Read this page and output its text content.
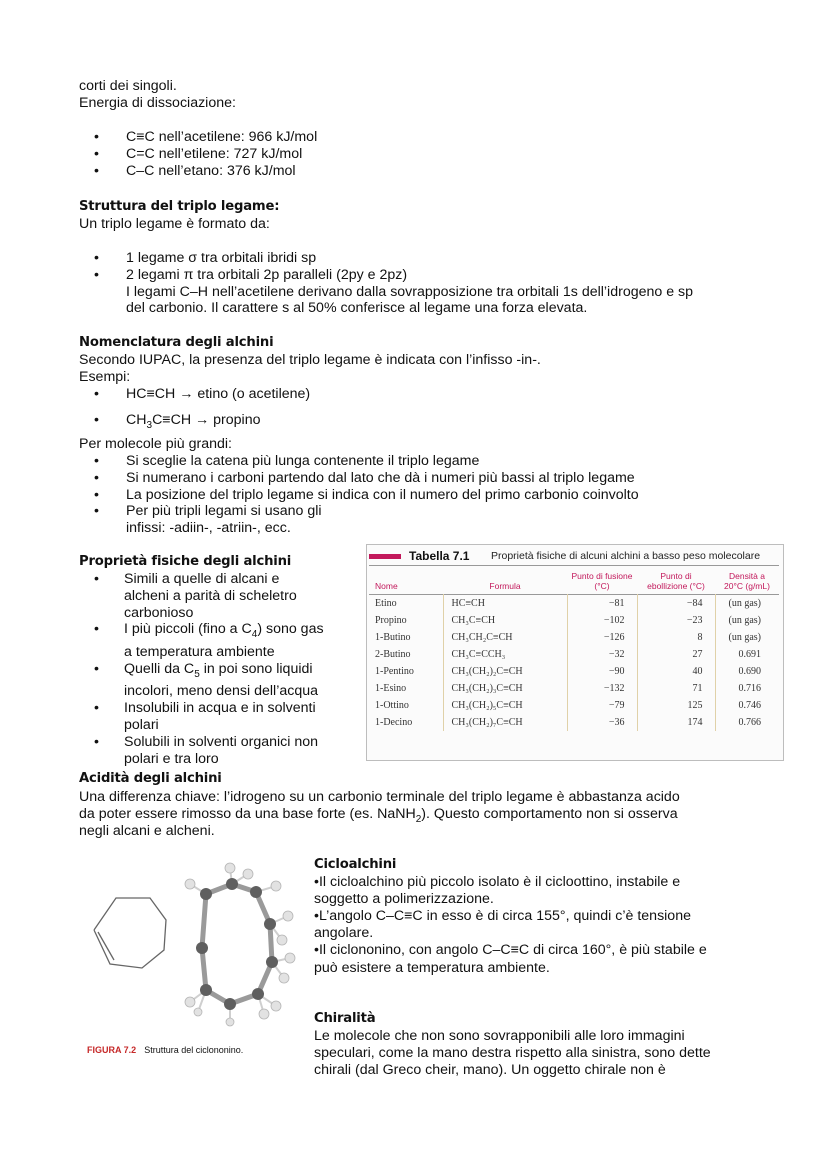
corti dei singoli.
Energia di dissociazione:
• C≡C nell’acetilene: 966 kJ/mol
• C=C nell’etilene: 727 kJ/mol
• C–C nell’etano: 376 kJ/mol
Struttura del triplo legame:
Un triplo legame è formato da:
• 1 legame σ tra orbitali ibridi sp
• 2 legami π tra orbitali 2p paralleli (2py e 2pz)
I legami C–H nell’acetilene derivano dalla sovrapposizione tra orbitali 1s dell’idrogeno e sp
del carbonio. Il carattere s al 50% conferisce al legame una forza elevata.
Nomenclatura degli alchini
Secondo IUPAC, la presenza del triplo legame è indicata con l’infisso -in-.
Esempi:
• HC≡CH → etino (o acetilene)
• $CH_3C\equiv CH$ → propino
Per molecole più grandi:
• Si sceglie la catena più lunga contenente il triplo legame
• Si numerano i carboni partendo dal lato che dà i numeri più bassi al triplo legame
• La posizione del triplo legame si indica con il numero del primo carbonio coinvolto
• Per più tripli legami si usano gli
infissi: -adiin-, -atriin-, ecc.
Proprietà fisiche degli alchini
• Simili a quelle di alcani e
alcheni a parità di scheletro
carbonioso
• I più piccoli (fino a $C_4$) sono gas
a temperatura ambiente
• Quelli da $C_5$ in poi sono liquidi
incolori, meno densi dell’acqua
• Insolubili in acqua e in solventi
polari
• Solubili in solventi organici non
polari e tra loro
Tabella 7.1 Proprietà fisiche di alcuni alchini a basso peso molecolare
Nome	Formula	Punto di fusione (°C)	Punto di ebollizione (°C)	Densità a 20°C (g/mL)
Etino	HC≡CH	−81	−84	(un gas)
Propino	CH₃C≡CH	−102	−23	(un gas)
1-Butino	CH₃CH₂C≡CH	−126	8	(un gas)
2-Butino	CH₃C≡CCH₃	−32	27	0.691
1-Pentino	CH₃(CH₂)₂C≡CH	−90	40	0.690
1-Esino	CH₃(CH₂)₃C≡CH	−132	71	0.716
1-Ottino	CH₃(CH₂)₅C≡CH	−79	125	0.746
1-Decino	CH₃(CH₂)₇C≡CH	−36	174	0.766
Acidità degli alchini
Una differenza chiave: l’idrogeno su un carbonio terminale del triplo legame è abbastanza acido
da poter essere rimosso da una base forte (es. NaNH$_2$). Questo comportamento non si osserva
negli alcani e alcheni.
FIGURA 7.2 Struttura del ciclononino.
Cicloalchini
•Il cicloalchino più piccolo isolato è il cicloottino, instabile e
soggetto a polimerizzazione.
•L’angolo C–C≡C in esso è di circa 155°, quindi c’è tensione
angolare.
•Il ciclononino, con angolo C–C≡C di circa 160°, è più stabile e
può esistere a temperatura ambiente.
Chiralità
Le molecole che non sono sovrapponibili alle loro immagini
speculari, come la mano destra rispetto alla sinistra, sono dette
chirali (dal Greco cheir, mano). Un oggetto chirale non è
